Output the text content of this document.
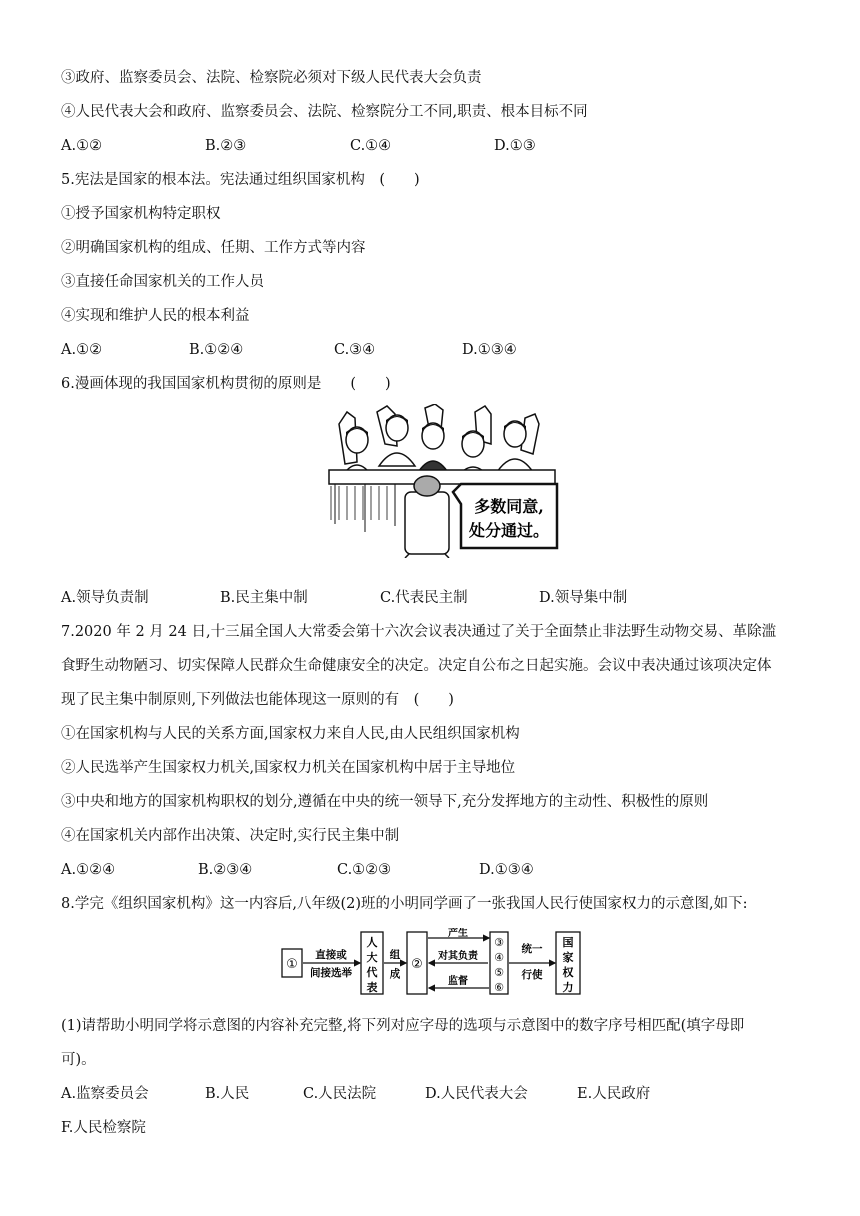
③政府、监察委员会、法院、检察院必须对下级人民代表大会负责
④人民代表大会和政府、监察委员会、法院、检察院分工不同,职责、根本目标不同
A.①②	B.②③	C.①④	D.①③
5.宪法是国家的根本法。宪法通过组织国家机构　(　　)
①授予国家机构特定职权
②明确国家机构的组成、任期、工作方式等内容
③直接任命国家机关的工作人员
④实现和维护人民的根本利益
A.①②	B.①②④	C.③④	D.①③④
6.漫画体现的我国国家机构贯彻的原则是　　(　　)
多数同意,
处分通过。
A.领导负责制	B.民主集中制	C.代表民主制	D.领导集中制
7.2020 年 2 月 24 日,十三届全国人大常委会第十六次会议表决通过了关于全面禁止非法野生动物交易、革除滥
食野生动物陋习、切实保障人民群众生命健康安全的决定。决定自公布之日起实施。会议中表决通过该项决定体
现了民主集中制原则,下列做法也能体现这一原则的有　(　　)
①在国家机构与人民的关系方面,国家权力来自人民,由人民组织国家机构
②人民选举产生国家权力机关,国家权力机关在国家机构中居于主导地位
③中央和地方的国家机构职权的划分,遵循在中央的统一领导下,充分发挥地方的主动性、积极性的原则
④在国家机关内部作出决策、决定时,实行民主集中制
A.①②④	B.②③④	C.①②③	D.①③④
8.学完《组织国家机构》这一内容后,八年级(2)班的小明同学画了一张我国人民行使国家权力的示意图,如下:
①
直接或
间接选举
人
大
代
表
组
成
②
产生
对其负责
监督
③
④
⑤
⑥
统一
行使
国
家
权
力
(1)请帮助小明同学将示意图的内容补充完整,将下列对应字母的选项与示意图中的数字序号相匹配(填字母即
可)。
A.监察委员会	B.人民	C.人民法院	D.人民代表大会	E.人民政府
F.人民检察院
